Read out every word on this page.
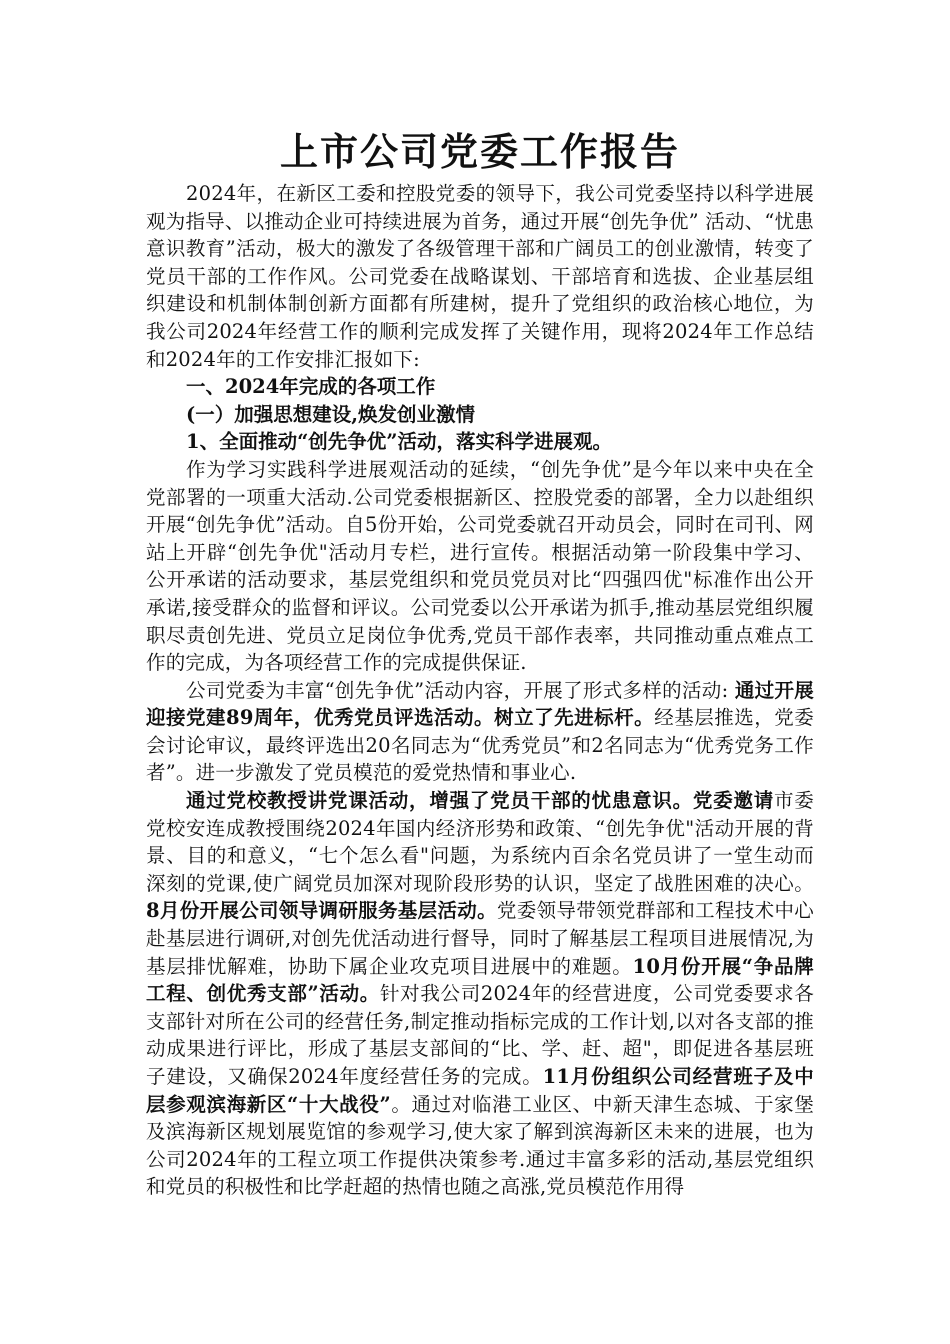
上市公司党委工作报告

2024年，在新区工委和控股党委的领导下，我公司党委坚持以科学进展观为指导、以推动企业可持续进展为首务，通过开展“创先争优” 活动、“忧患意识教育”活动，极大的激发了各级管理干部和广阔员工的创业激情，转变了党员干部的工作作风。公司党委在战略谋划、干部培育和选拔、企业基层组织建设和机制体制创新方面都有所建树，提升了党组织的政治核心地位，为我公司2024年经营工作的顺利完成发挥了关键作用，现将2024年工作总结和2024年的工作安排汇报如下:

一、2024年完成的各项工作

(一）加强思想建设,焕发创业激情

1、全面推动“创先争优”活动，落实科学进展观。

作为学习实践科学进展观活动的延续，“创先争优”是今年以来中央在全党部署的一项重大活动.公司党委根据新区、控股党委的部署，全力以赴组织开展“创先争优”活动。自5份开始，公司党委就召开动员会，同时在司刊、网站上开辟“创先争优"活动月专栏，进行宣传。根据活动第一阶段集中学习、公开承诺的活动要求，基层党组织和党员党员对比“四强四优"标准作出公开承诺,接受群众的监督和评议。公司党委以公开承诺为抓手,推动基层党组织履职尽责创先进、党员立足岗位争优秀,党员干部作表率，共同推动重点难点工作的完成，为各项经营工作的完成提供保证.

公司党委为丰富“创先争优”活动内容，开展了形式多样的活动: 通过开展迎接党建89周年，优秀党员评选活动。树立了先进标杆。经基层推选，党委会讨论审议，最终评选出20名同志为“优秀党员”和2名同志为“优秀党务工作者”。进一步激发了党员模范的爱党热情和事业心.

通过党校教授讲党课活动，增强了党员干部的忧患意识。党委邀请市委党校安连成教授围绕2024年国内经济形势和政策、“创先争优"活动开展的背景、目的和意义，“七个怎么看"问题，为系统内百余名党员讲了一堂生动而深刻的党课,使广阔党员加深对现阶段形势的认识，坚定了战胜困难的决心。8月份开展公司领导调研服务基层活动。党委领导带领党群部和工程技术中心赴基层进行调研,对创先优活动进行督导，同时了解基层工程项目进展情况,为基层排忧解难，协助下属企业攻克项目进展中的难题。10月份开展“争品牌工程、创优秀支部”活动。针对我公司2024年的经营进度，公司党委要求各支部针对所在公司的经营任务,制定推动指标完成的工作计划,以对各支部的推动成果进行评比，形成了基层支部间的“比、学、赶、超"，即促进各基层班子建设，又确保2024年度经营任务的完成。11月份组织公司经营班子及中层参观滨海新区“十大战役”。通过对临港工业区、中新天津生态城、于家堡及滨海新区规划展览馆的参观学习,使大家了解到滨海新区未来的进展，也为公司2024年的工程立项工作提供决策参考.通过丰富多彩的活动,基层党组织和党员的积极性和比学赶超的热情也随之高涨,党员模范作用得
